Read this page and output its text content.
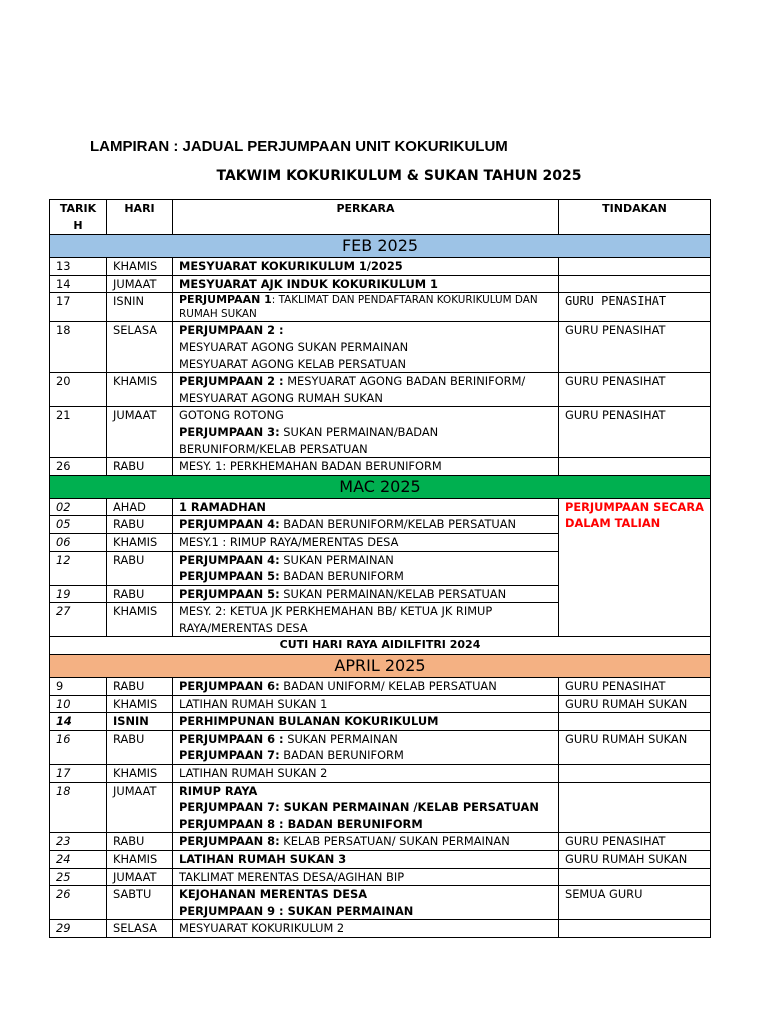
LAMPIRAN : JADUAL PERJUMPAAN UNIT KOKURIKULUM
TAKWIM KOKURIKULUM & SUKAN TAHUN 2025
TARIK H	HARI	PERKARA	TINDAKAN
FEB 2025			
13	KHAMIS	MESYUARAT KOKURIKULUM 1/2025	
14	JUMAAT	MESYUARAT AJK INDUK KOKURIKULUM 1	
17	ISNIN	PERJUMPAAN 1: TAKLIMAT DAN PENDAFTARAN KOKURIKULUM DAN RUMAH SUKAN	GURU PENASIHAT
18	SELASA	PERJUMPAAN 2 :
MESYUARAT AGONG SUKAN PERMAINAN
MESYUARAT AGONG KELAB PERSATUAN	GURU PENASIHAT
20	KHAMIS	PERJUMPAAN 2 : MESYUARAT AGONG BADAN BERINIFORM/ MESYUARAT AGONG RUMAH SUKAN	GURU PENASIHAT
21	JUMAAT	GOTONG ROTONG
PERJUMPAAN 3: SUKAN PERMAINAN/BADAN BERUNIFORM/KELAB PERSATUAN	GURU PENASIHAT
26	RABU	MESY. 1: PERKHEMAHAN BADAN BERUNIFORM	
MAC 2025			
02	AHAD	1 RAMADHAN	PERJUMPAAN SECARA DALAM TALIAN
05	RABU	PERJUMPAAN 4: BADAN BERUNIFORM/KELAB PERSATUAN	
06	KHAMIS	MESY.1 : RIMUP RAYA/MERENTAS DESA	
12	RABU	PERJUMPAAN 4: SUKAN PERMAINAN
PERJUMPAAN 5: BADAN BERUNIFORM	

19	RABU	PERJUMPAAN 5: SUKAN PERMAINAN/KELAB PERSATUAN	
27	KHAMIS	MESY. 2: KETUA JK PERKHEMAHAN BB/ KETUA JK RIMUP RAYA/MERENTAS DESA	
CUTI HARI RAYA AIDILFITRI 2024			
APRIL 2025			
9	RABU	PERJUMPAAN 6: BADAN UNIFORM/ KELAB PERSATUAN	GURU PENASIHAT
10	KHAMIS	LATIHAN RUMAH SUKAN 1	GURU RUMAH SUKAN
14	ISNIN	PERHIMPUNAN BULANAN KOKURIKULUM	
16	RABU	PERJUMPAAN 6 : SUKAN PERMAINAN
PERJUMPAAN 7: BADAN BERUNIFORM	GURU RUMAH SUKAN
17	KHAMIS	LATIHAN RUMAH SUKAN 2	
18	JUMAAT	RIMUP RAYA
PERJUMPAAN 7: SUKAN PERMAINAN /KELAB PERSATUAN
PERJUMPAAN 8 : BADAN BERUNIFORM	

23	RABU	PERJUMPAAN 8: KELAB PERSATUAN/ SUKAN PERMAINAN	GURU PENASIHAT
24	KHAMIS	LATIHAN RUMAH SUKAN 3	GURU RUMAH SUKAN
25	JUMAAT	TAKLIMAT MERENTAS DESA/AGIHAN BIP	
26	SABTU	KEJOHANAN MERENTAS DESA
PERJUMPAAN 9 : SUKAN PERMAINAN	SEMUA GURU
29	SELASA	MESYUARAT KOKURIKULUM 2	
